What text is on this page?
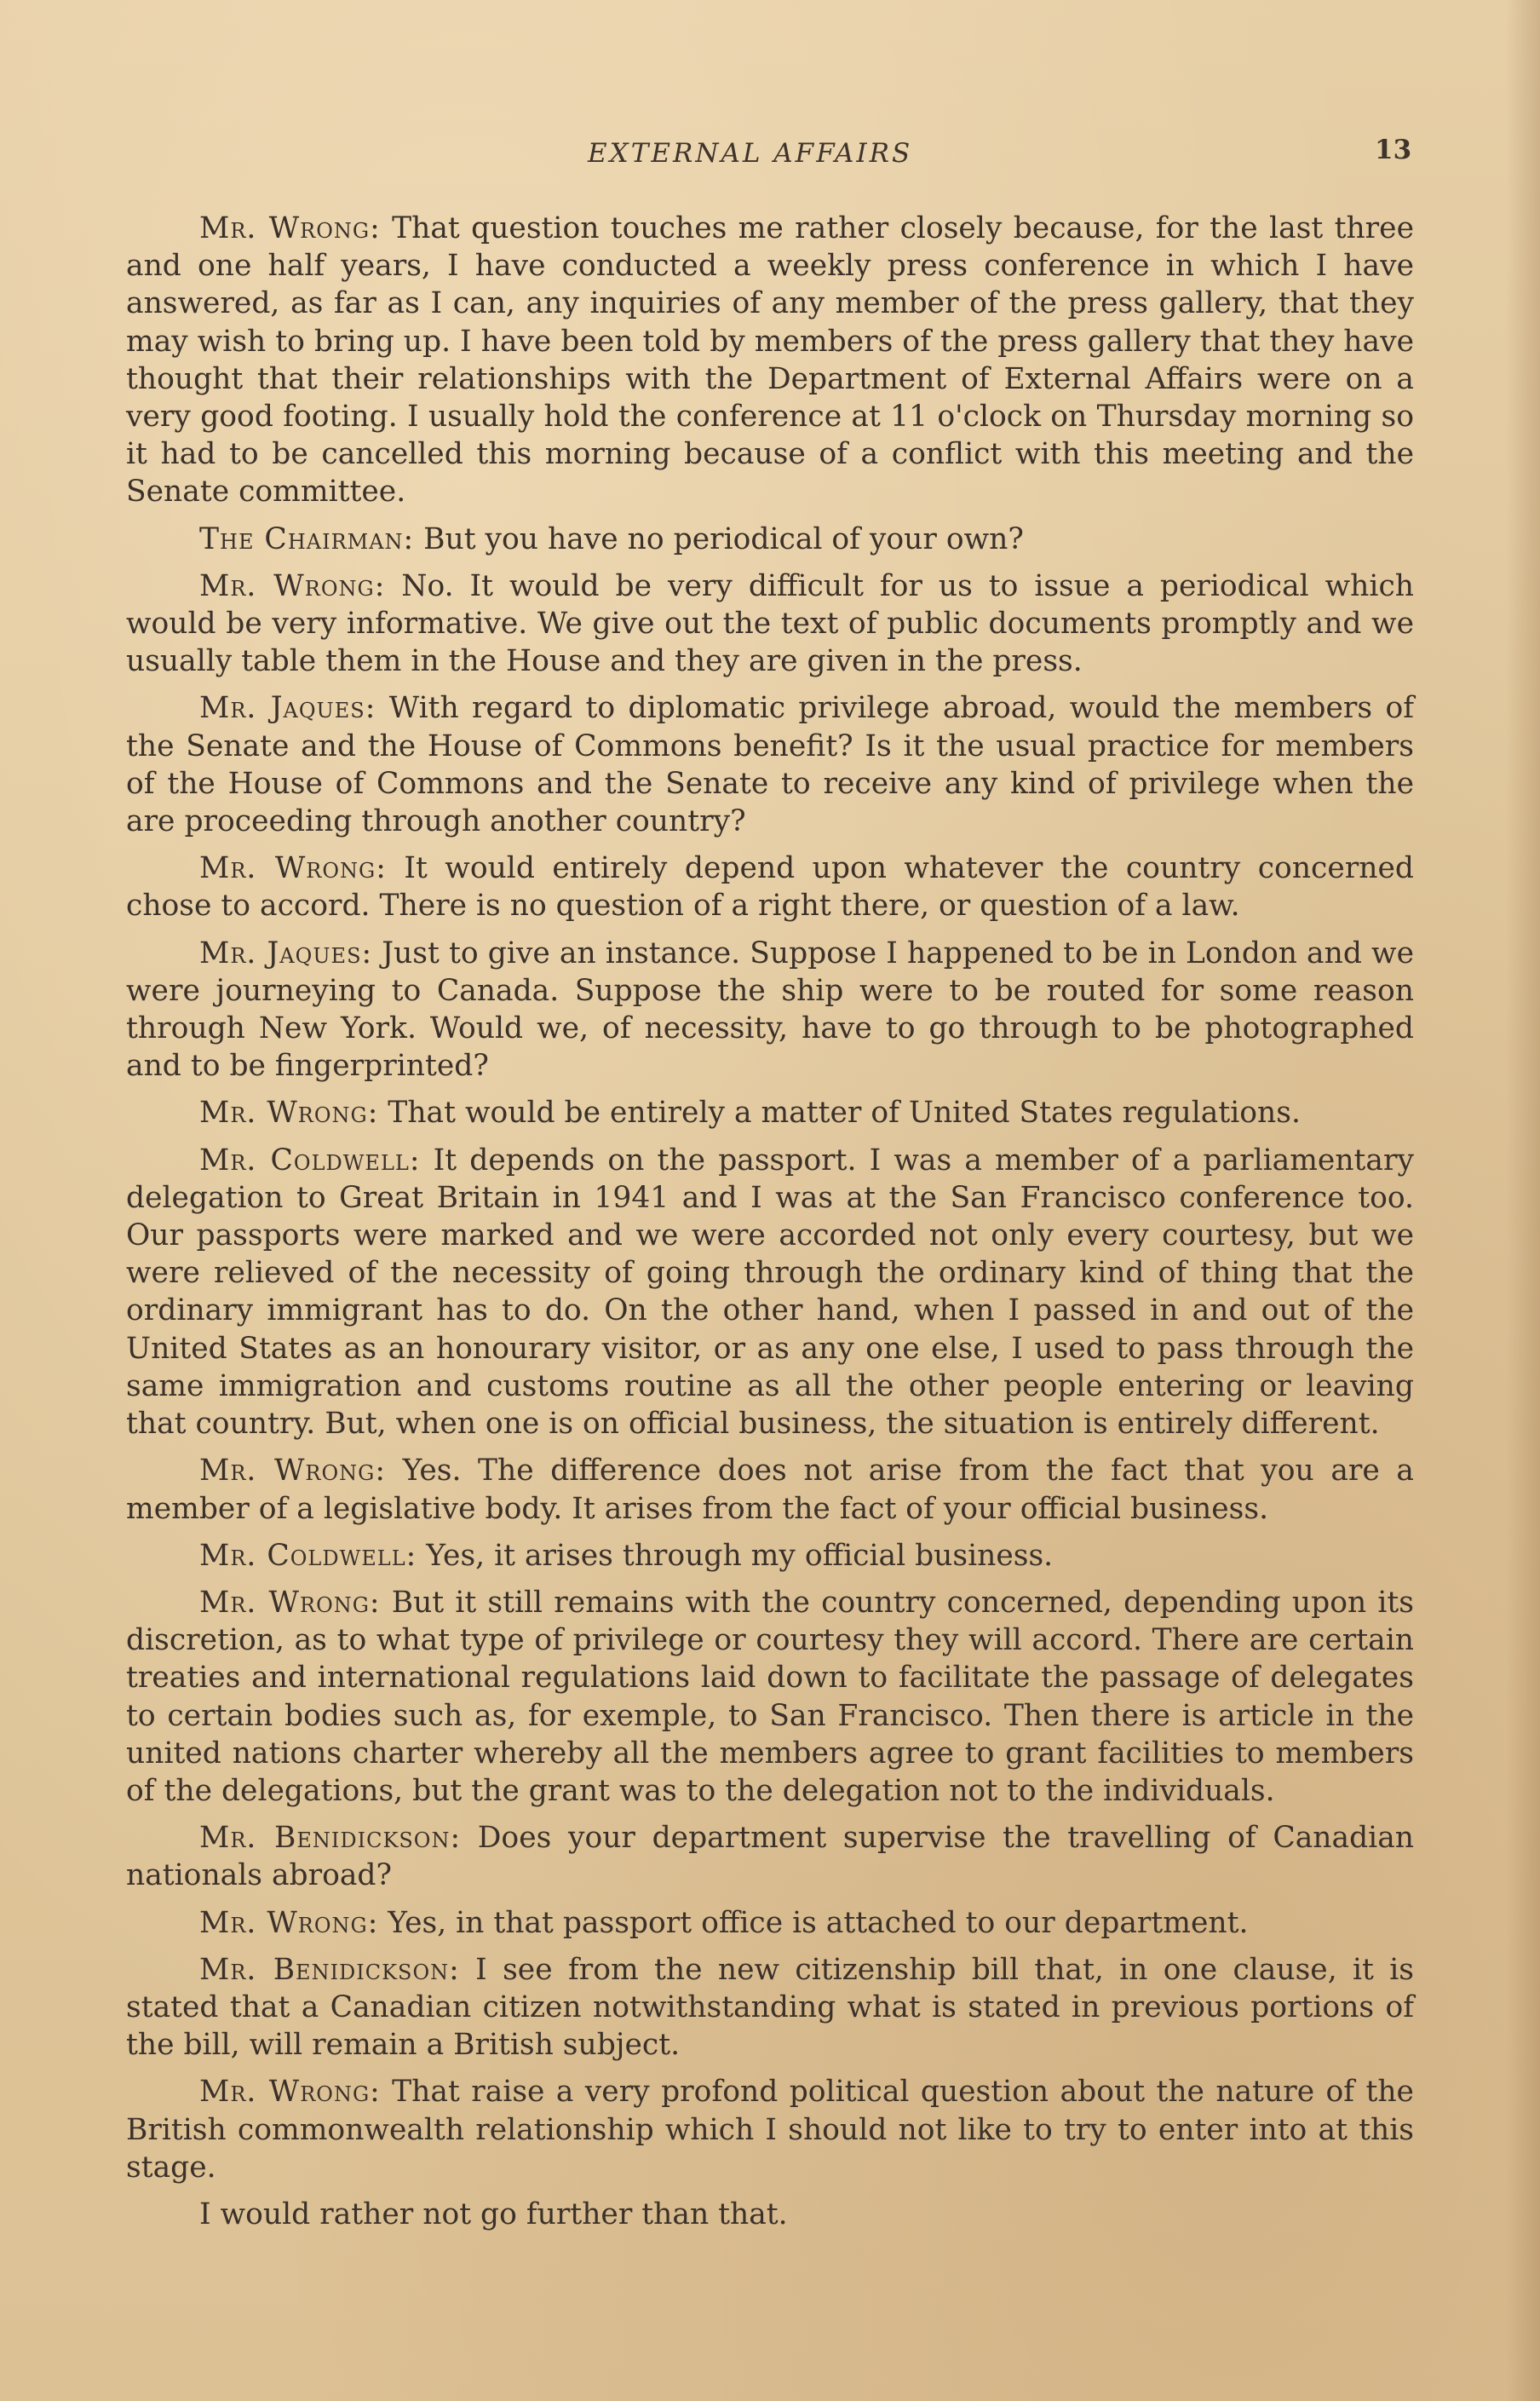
EXTERNAL AFFAIRS	13

Mr. Wrong: That question touches me rather closely because, for the last three and one half years, I have conducted a weekly press conference in which I have answered, as far as I can, any inquiries of any member of the press gallery, that they may wish to bring up. I have been told by members of the press gallery that they have thought that their relationships with the Department of External Affairs were on a very good footing. I usually hold the conference at 11 o'clock on Thursday morning so it had to be cancelled this morning because of a conflict with this meeting and the Senate committee.

The Chairman: But you have no periodical of your own?

Mr. Wrong: No. It would be very difficult for us to issue a periodical which would be very informative. We give out the text of public documents promptly and we usually table them in the House and they are given in the press.

Mr. Jaques: With regard to diplomatic privilege abroad, would the members of the Senate and the House of Commons benefit? Is it the usual practice for members of the House of Commons and the Senate to receive any kind of privilege when the are proceeding through another country?

Mr. Wrong: It would entirely depend upon whatever the country concerned chose to accord. There is no question of a right there, or question of a law.

Mr. Jaques: Just to give an instance. Suppose I happened to be in London and we were journeying to Canada. Suppose the ship were to be routed for some reason through New York. Would we, of necessity, have to go through to be photographed and to be fingerprinted?

Mr. Wrong: That would be entirely a matter of United States regulations.

Mr. Coldwell: It depends on the passport. I was a member of a parliamentary delegation to Great Britain in 1941 and I was at the San Francisco conference too. Our passports were marked and we were accorded not only every courtesy, but we were relieved of the necessity of going through the ordinary kind of thing that the ordinary immigrant has to do. On the other hand, when I passed in and out of the United States as an honourary visitor, or as any one else, I used to pass through the same immigration and customs routine as all the other people entering or leaving that country. But, when one is on official business, the situation is entirely different.

Mr. Wrong: Yes. The difference does not arise from the fact that you are a member of a legislative body. It arises from the fact of your official business.

Mr. Coldwell: Yes, it arises through my official business.

Mr. Wrong: But it still remains with the country concerned, depending upon its discretion, as to what type of privilege or courtesy they will accord. There are certain treaties and international regulations laid down to facilitate the passage of delegates to certain bodies such as, for exemple, to San Francisco. Then there is article in the united nations charter whereby all the members agree to grant facilities to members of the delegations, but the grant was to the delegation not to the individuals.

Mr. Benidickson: Does your department supervise the travelling of Canadian nationals abroad?

Mr. Wrong: Yes, in that passport office is attached to our department.

Mr. Benidickson: I see from the new citizenship bill that, in one clause, it is stated that a Canadian citizen notwithstanding what is stated in previous portions of the bill, will remain a British subject.

Mr. Wrong: That raise a very profond political question about the nature of the British commonwealth relationship which I should not like to try to enter into at this stage.

I would rather not go further than that.
